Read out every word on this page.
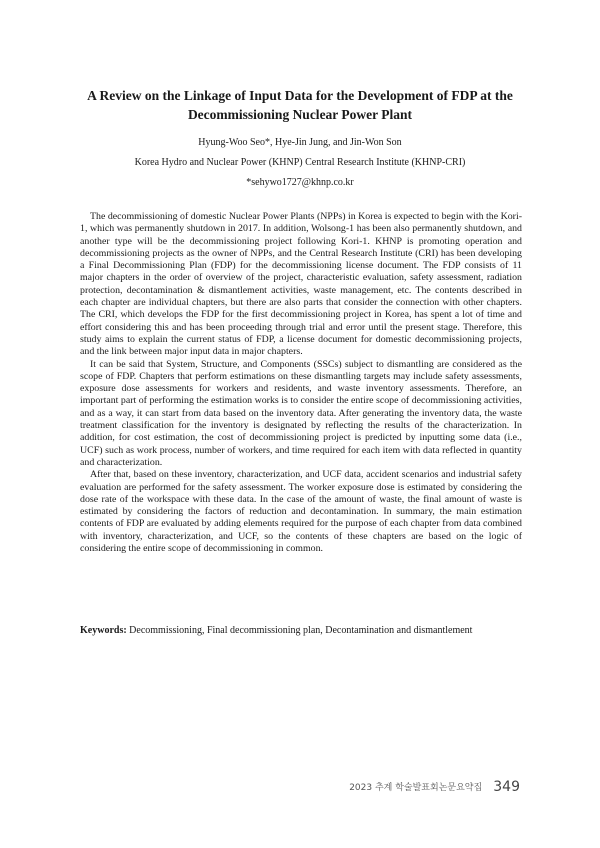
A Review on the Linkage of Input Data for the Development of FDP at the Decommissioning Nuclear Power Plant
Hyung-Woo Seo*, Hye-Jin Jung, and Jin-Won Son
Korea Hydro and Nuclear Power (KHNP) Central Research Institute (KHNP-CRI)
*sehywo1727@khnp.co.kr

The decommissioning of domestic Nuclear Power Plants (NPPs) in Korea is expected to begin with the Kori-1, which was permanently shutdown in 2017. In addition, Wolsong-1 has been also permanently shutdown, and another type will be the decommissioning project following Kori-1. KHNP is promoting operation and decommissioning projects as the owner of NPPs, and the Central Research Institute (CRI) has been developing a Final Decommissioning Plan (FDP) for the decommissioning license document. The FDP consists of 11 major chapters in the order of overview of the project, characteristic evaluation, safety assessment, radiation protection, decontamination & dismantlement activities, waste management, etc. The contents described in each chapter are individual chapters, but there are also parts that consider the connection with other chapters. The CRI, which develops the FDP for the first decommissioning project in Korea, has spent a lot of time and effort considering this and has been proceeding through trial and error until the present stage. Therefore, this study aims to explain the current status of FDP, a license document for domestic decommissioning projects, and the link between major input data in major chapters.

It can be said that System, Structure, and Components (SSCs) subject to dismantling are considered as the scope of FDP. Chapters that perform estimations on these dismantling targets may include safety assessments, exposure dose assessments for workers and residents, and waste inventory assessments. Therefore, an important part of performing the estimation works is to consider the entire scope of decommissioning activities, and as a way, it can start from data based on the inventory data. After generating the inventory data, the waste treatment classification for the inventory is designated by reflecting the results of the characterization. In addition, for cost estimation, the cost of decommissioning project is predicted by inputting some data (i.e., UCF) such as work process, number of workers, and time required for each item with data reflected in quantity and characterization.

After that, based on these inventory, characterization, and UCF data, accident scenarios and industrial safety evaluation are performed for the safety assessment. The worker exposure dose is estimated by considering the dose rate of the workspace with these data. In the case of the amount of waste, the final amount of waste is estimated by considering the factors of reduction and decontamination. In summary, the main estimation contents of FDP are evaluated by adding elements required for the purpose of each chapter from data combined with inventory, characterization, and UCF, so the contents of these chapters are based on the logic of considering the entire scope of decommissioning in common.

Keywords: Decommissioning, Final decommissioning plan, Decontamination and dismantlement
2023 추계 학술발표회논문요약집 349
